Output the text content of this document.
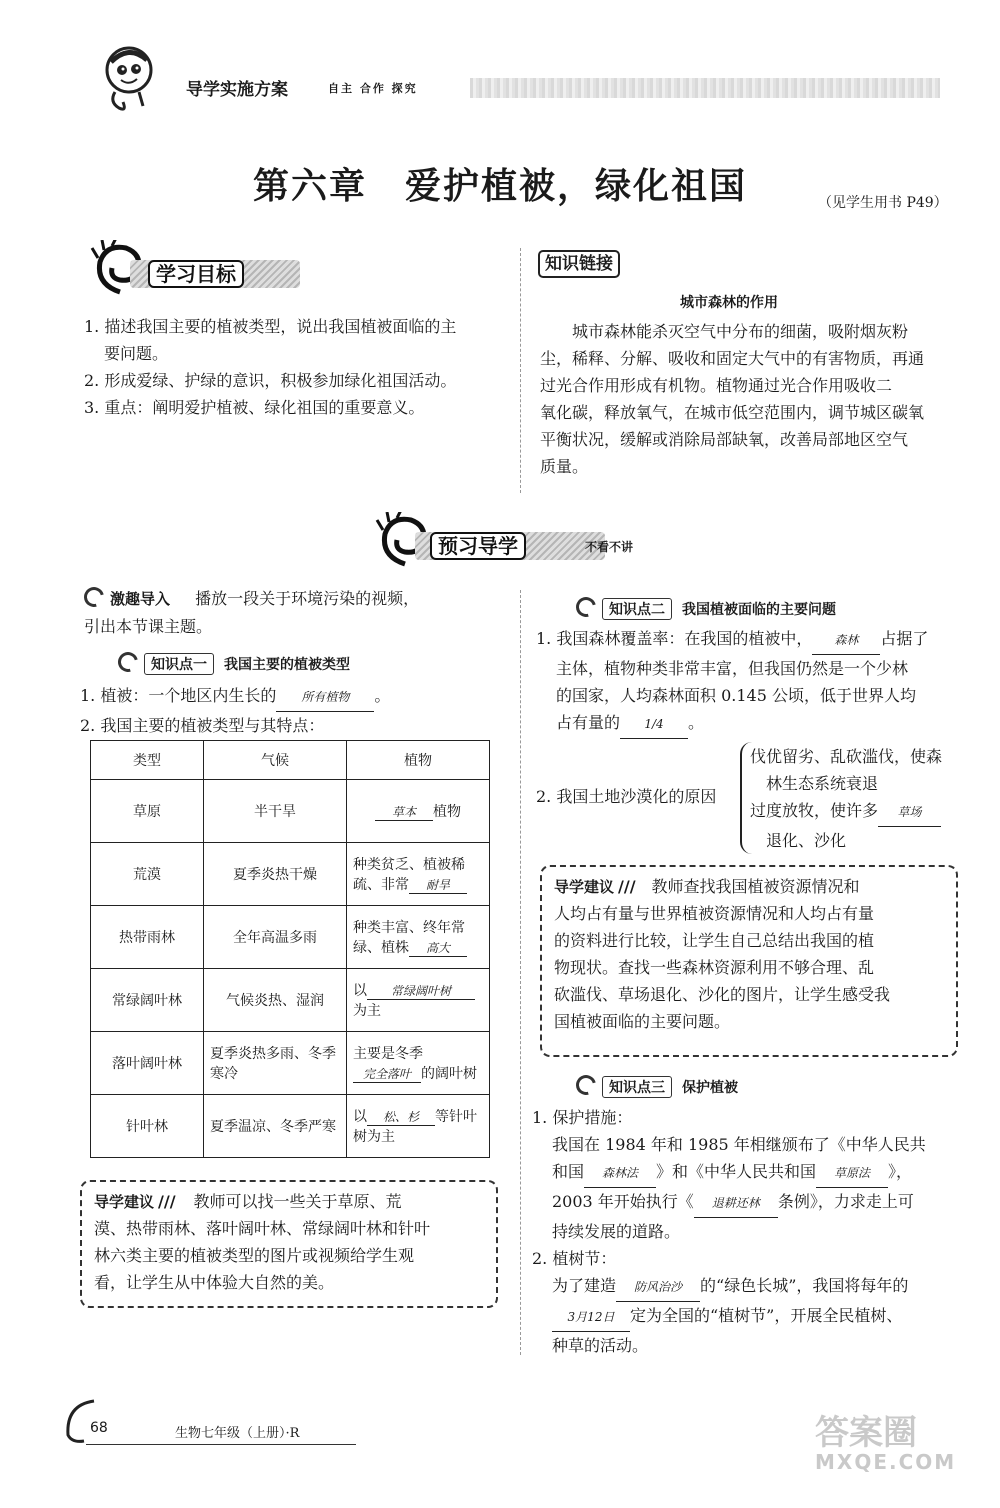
导学实施方案	自主 合作 探究
第六章　爱护植被，绿化祖国	（见学生用书 P49）
学习目标
1. 描述我国主要的植被类型，说出我国植被面临的主
要问题。
2. 形成爱绿、护绿的意识，积极参加绿化祖国活动。
3. 重点：阐明爱护植被、绿化祖国的重要意义。
知识链接
城市森林的作用
城市森林能杀灭空气中分布的细菌，吸附烟灰粉
尘，稀释、分解、吸收和固定大气中的有害物质，再通
过光合作用形成有机物。植物通过光合作用吸收二
氧化碳，释放氧气，在城市低空范围内，调节城区碳氧
平衡状况，缓解或消除局部缺氧，改善局部地区空气
质量。
预习导学	不看不讲
激趣导入 播放一段关于环境污染的视频，
引出本节课主题。
知识点一 我国主要的植被类型
1. 植被：一个地区内生长的 所有植物 。
2. 我国主要的植被类型与其特点：
类型	气候	植物
草原	半干旱	草本 植物
荒漠	夏季炎热干燥	种类贫乏、植被稀疏、非常 耐旱
热带雨林	全年高温多雨	种类丰富、终年常绿、植株 高大
常绿阔叶林	气候炎热、湿润	以 常绿阔叶树
为主
落叶阔叶林	夏季炎热多雨、冬季寒冷	主要是冬季完全落叶 的阔叶树
针叶林	夏季温凉、冬季严寒	以 松、杉 等针叶树为主
导学建议 /// 教师可以找一些关于草原、荒
漠、热带雨林、落叶阔叶林、常绿阔叶林和针叶
林六类主要的植被类型的图片或视频给学生观
看，让学生从中体验大自然的美。
知识点二 我国植被面临的主要问题
1. 我国森林覆盖率：在我国的植被中， 森林 占据了
主体，植物种类非常丰富，但我国仍然是一个少林
的国家，人均森林面积 0.145 公顷，低于世界人均
占有量的 1/4 。
2. 我国土地沙漠化的原因
伐优留劣、乱砍滥伐，使森
林生态系统衰退
过度放牧，使许多 草场
退化、沙化
导学建议 /// 教师查找我国植被资源情况和
人均占有量与世界植被资源情况和人均占有量
的资料进行比较，让学生自己总结出我国的植
物现状。查找一些森林资源利用不够合理、乱
砍滥伐、草场退化、沙化的图片，让学生感受我
国植被面临的主要问题。
知识点三 保护植被
1. 保护措施：
我国在 1984 年和 1985 年相继颁布了《中华人民共
和国 森林法 》和《中华人民共和国 草原法 》，
2003 年开始执行《 退耕还林 条例》，力求走上可
持续发展的道路。
2. 植树节：
为了建造 防风治沙 的“绿色长城”，我国将每年的
3月12日 定为全国的“植树节”，开展全民植树、
种草的活动。
68	生物七年级（上册）·R	答案圈
MXQE.COM
